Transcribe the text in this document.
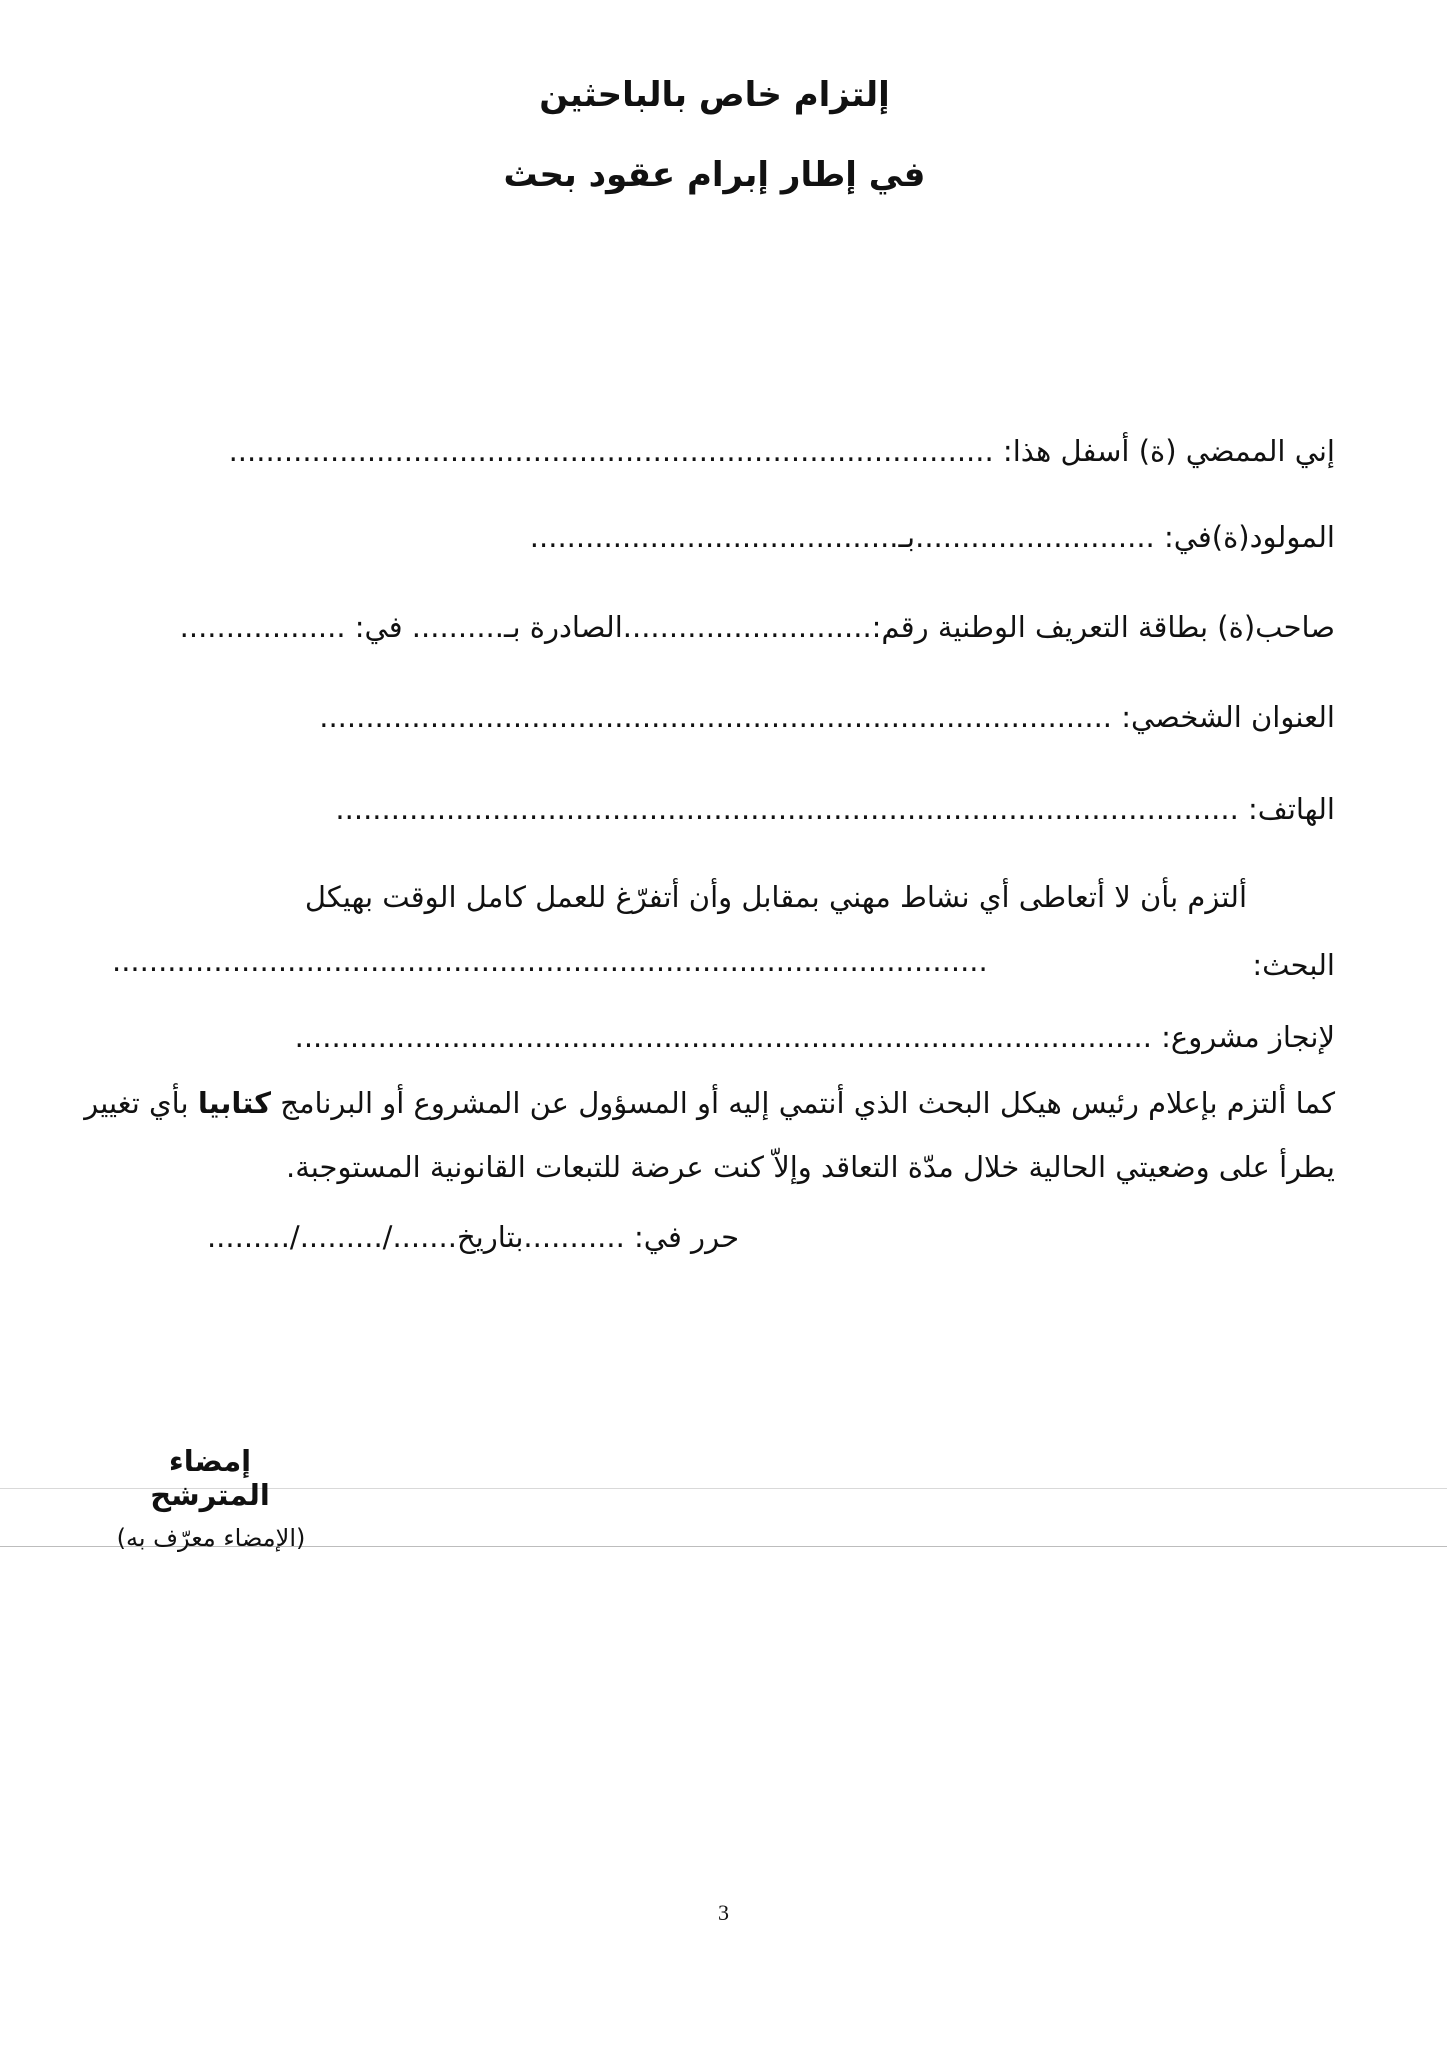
إلتزام خاص بالباحثين
في إطار إبرام عقود بحث
إني الممضي (ة) أسفل هذا: ...................................................................................
المولود(ة)في: ..........................بـ........................................
صاحب(ة) بطاقة التعريف الوطنية رقم:...........................الصادرة بـ.......... في: ..................
العنوان الشخصي: ......................................................................................
الهاتف: ..................................................................................................
ألتزم بأن لا أتعاطى أي نشاط مهني بمقابل وأن أتفرّغ للعمل كامل الوقت بهيكل
البحث:
...............................................................................................
لإنجاز مشروع: .............................................................................................
كما ألتزم بإعلام رئيس هيكل البحث الذي أنتمي إليه أو المسؤول عن المشروع أو البرنامج كتابيا بأي تغيير
يطرأ على وضعيتي الحالية خلال مدّة التعاقد وإلاّ كنت عرضة للتبعات القانونية المستوجبة.
حرر في: ...........بتاريخ......./........./.........
إمضاء المترشح
(الإمضاء معرّف به)
3
